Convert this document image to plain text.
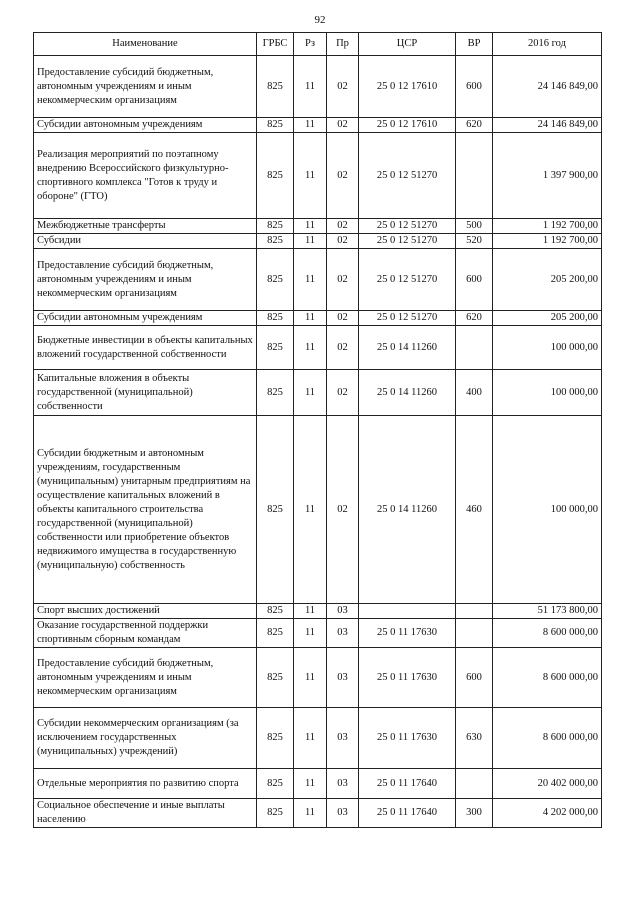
92
Наименование	ГРБС	Рз	Пр	ЦСР	ВР	2016 год
Предоставление субсидий бюджетным, автономным учреждениям и иным некоммерческим организациям	825	11	02	25 0 12 17610	600	24 146 849,00
Субсидии автономным учреждениям	825	11	02	25 0 12 17610	620	24 146 849,00
Реализация мероприятий по поэтапному внедрению Всероссийского физкультурно-спортивного комплекса "Готов к труду и обороне" (ГТО)	825	11	02	25 0 12 51270		1 397 900,00
Межбюджетные трансферты	825	11	02	25 0 12 51270	500	1 192 700,00
Субсидии	825	11	02	25 0 12 51270	520	1 192 700,00
Предоставление субсидий бюджетным, автономным учреждениям и иным некоммерческим организациям	825	11	02	25 0 12 51270	600	205 200,00
Субсидии автономным учреждениям	825	11	02	25 0 12 51270	620	205 200,00
Бюджетные инвестиции в объекты капитальных вложений государственной собственности	825	11	02	25 0 14 11260		100 000,00
Капитальные вложения в объекты государственной (муниципальной) собственности	825	11	02	25 0 14 11260	400	100 000,00
Субсидии бюджетным и автономным учреждениям, государственным (муниципальным) унитарным предприятиям на осуществление капитальных вложений в объекты капитального строительства государственной (муниципальной) собственности или приобретение объектов недвижимого имущества в государственную (муниципальную) собственность	825	11	02	25 0 14 11260	460	100 000,00
Спорт высших достижений	825	11	03			51 173 800,00
Оказание государственной поддержки спортивным сборным командам	825	11	03	25 0 11 17630		8 600 000,00
Предоставление субсидий бюджетным, автономным учреждениям и иным некоммерческим организациям	825	11	03	25 0 11 17630	600	8 600 000,00
Субсидии некоммерческим организациям (за исключением государственных (муниципальных) учреждений)	825	11	03	25 0 11 17630	630	8 600 000,00
Отдельные мероприятия по развитию спорта	825	11	03	25 0 11 17640		20 402 000,00
Социальное обеспечение и иные выплаты населению	825	11	03	25 0 11 17640	300	4 202 000,00
